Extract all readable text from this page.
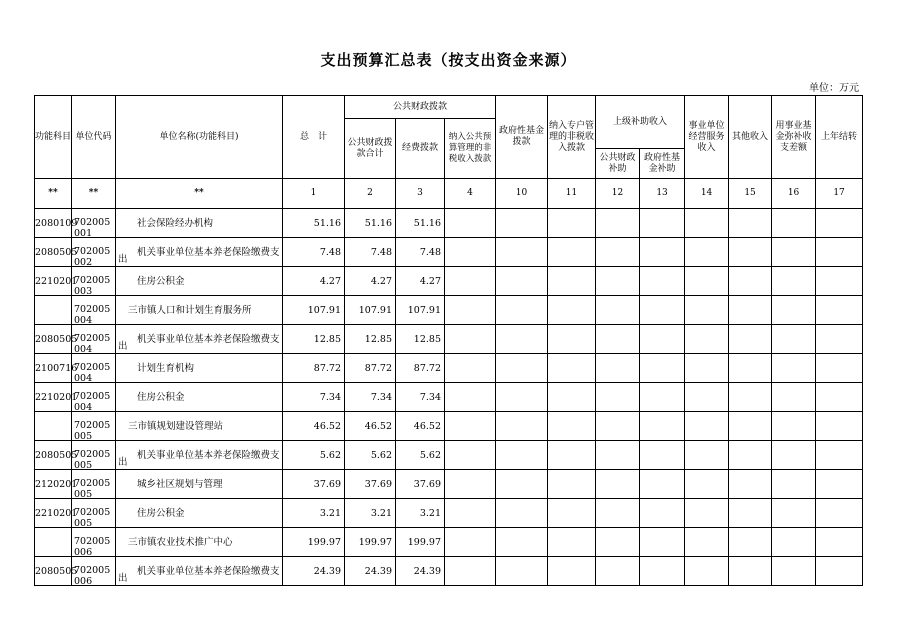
支出预算汇总表（按支出资金来源）
单位：万元
功能科目	单位代码	单位名称(功能科目)	总　计	公共财政拨款			政府性基金拨款	纳入专户管理的非税收入拨款	上级补助收入		事业单位经营服务收入	其他收入	用事业基金弥补收支差额	上年结转
				公共财政拨款合计	经费拨款	纳入公共预算管理的非税收入拨款								
									公共财政补助	政府性基金补助				
**	**	**	1	2	3	4	10	11	12	13	14	15	16	17
2080109	702005001	社会保险经办机构	51.16	51.16	51.16									
2080505	702005002	机关事业单位基本养老保险缴费支
出	7.48	7.48	7.48									
2210201	702005003	住房公积金	4.27	4.27	4.27									

	702005004	三市镇人口和计划生育服务所	107.91	107.91	107.91									
2080505	702005004	机关事业单位基本养老保险缴费支
出	12.85	12.85	12.85									
2100716	702005004	计划生育机构	87.72	87.72	87.72									
2210201	702005004	住房公积金	7.34	7.34	7.34									

	702005005	三市镇规划建设管理站	46.52	46.52	46.52									
2080505	702005005	机关事业单位基本养老保险缴费支
出	5.62	5.62	5.62									
2120201	702005005	城乡社区规划与管理	37.69	37.69	37.69									
2210201	702005005	住房公积金	3.21	3.21	3.21									

	702005006	三市镇农业技术推广中心	199.97	199.97	199.97									
2080505	702005006	机关事业单位基本养老保险缴费支
出	24.39	24.39	24.39									
